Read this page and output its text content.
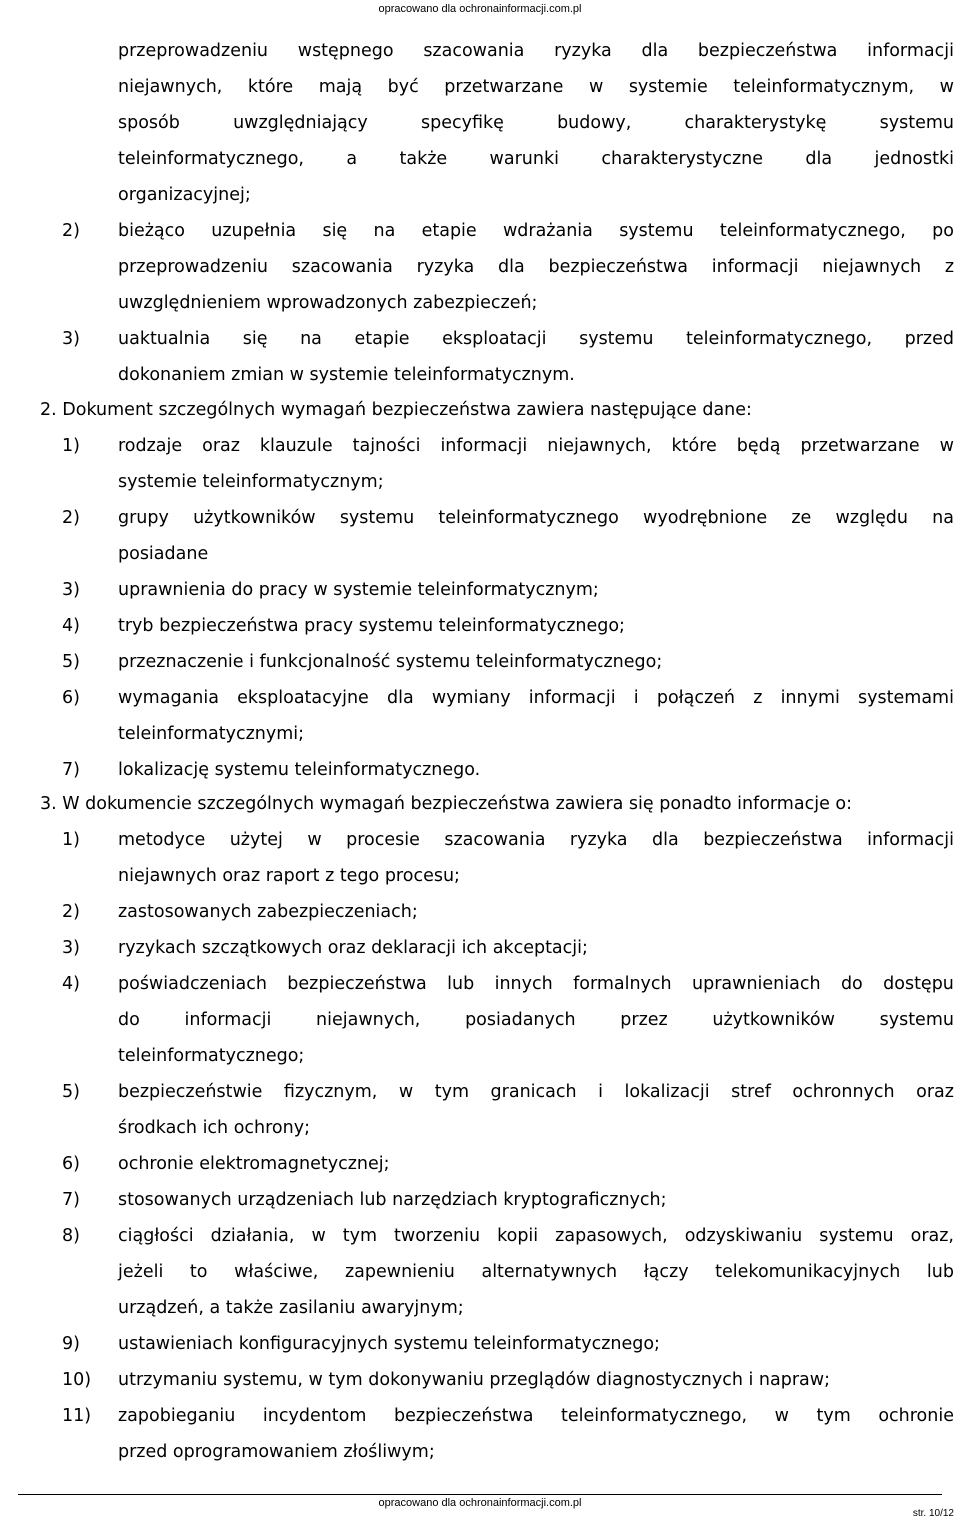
opracowano dla ochronainformacji.com.pl
przeprowadzeniu wstępnego szacowania ryzyka dla bezpieczeństwa informacji
niejawnych, które mają być przetwarzane w systemie teleinformatycznym, w
sposób	uwzględniający	specyfikę	budowy,	charakterystykę	systemu
teleinformatycznego, a także warunki charakterystyczne dla jednostki
organizacyjnej;
2) bieżąco uzupełnia się na etapie wdrażania systemu teleinformatycznego, po
przeprowadzeniu szacowania ryzyka dla bezpieczeństwa informacji niejawnych z
uwzględnieniem wprowadzonych zabezpieczeń;
3) uaktualnia się na etapie eksploatacji systemu teleinformatycznego, przed
dokonaniem zmian w systemie teleinformatycznym.
2. Dokument szczególnych wymagań bezpieczeństwa zawiera następujące dane:
1) rodzaje oraz klauzule tajności informacji niejawnych, które będą przetwarzane w
systemie teleinformatycznym;
2) grupy użytkowników systemu teleinformatycznego wyodrębnione ze względu na
posiadane
3) uprawnienia do pracy w systemie teleinformatycznym;
4) tryb bezpieczeństwa pracy systemu teleinformatycznego;
5) przeznaczenie i funkcjonalność systemu teleinformatycznego;
6) wymagania eksploatacyjne dla wymiany informacji i połączeń z innymi systemami
teleinformatycznymi;
7) lokalizację systemu teleinformatycznego.
3. W dokumencie szczególnych wymagań bezpieczeństwa zawiera się ponadto informacje o:
1) metodyce użytej w procesie szacowania ryzyka dla bezpieczeństwa informacji
niejawnych oraz raport z tego procesu;
2) zastosowanych zabezpieczeniach;
3) ryzykach szczątkowych oraz deklaracji ich akceptacji;
4) poświadczeniach bezpieczeństwa lub innych formalnych uprawnieniach do dostępu
do	informacji	niejawnych,	posiadanych	przez	użytkowników	systemu
teleinformatycznego;
5) bezpieczeństwie fizycznym, w tym granicach i lokalizacji stref ochronnych oraz
środkach ich ochrony;
6) ochronie elektromagnetycznej;
7) stosowanych urządzeniach lub narzędziach kryptograficznych;
8) ciągłości działania, w tym tworzeniu kopii zapasowych, odzyskiwaniu systemu oraz,
jeżeli to właściwe, zapewnieniu alternatywnych łączy telekomunikacyjnych lub
urządzeń, a także zasilaniu awaryjnym;
9) ustawieniach konfiguracyjnych systemu teleinformatycznego;
10) utrzymaniu systemu, w tym dokonywaniu przeglądów diagnostycznych i napraw;
11) zapobieganiu incydentom bezpieczeństwa teleinformatycznego, w tym ochronie
przed oprogramowaniem złośliwym;
opracowano dla ochronainformacji.com.pl
str. 10/12
